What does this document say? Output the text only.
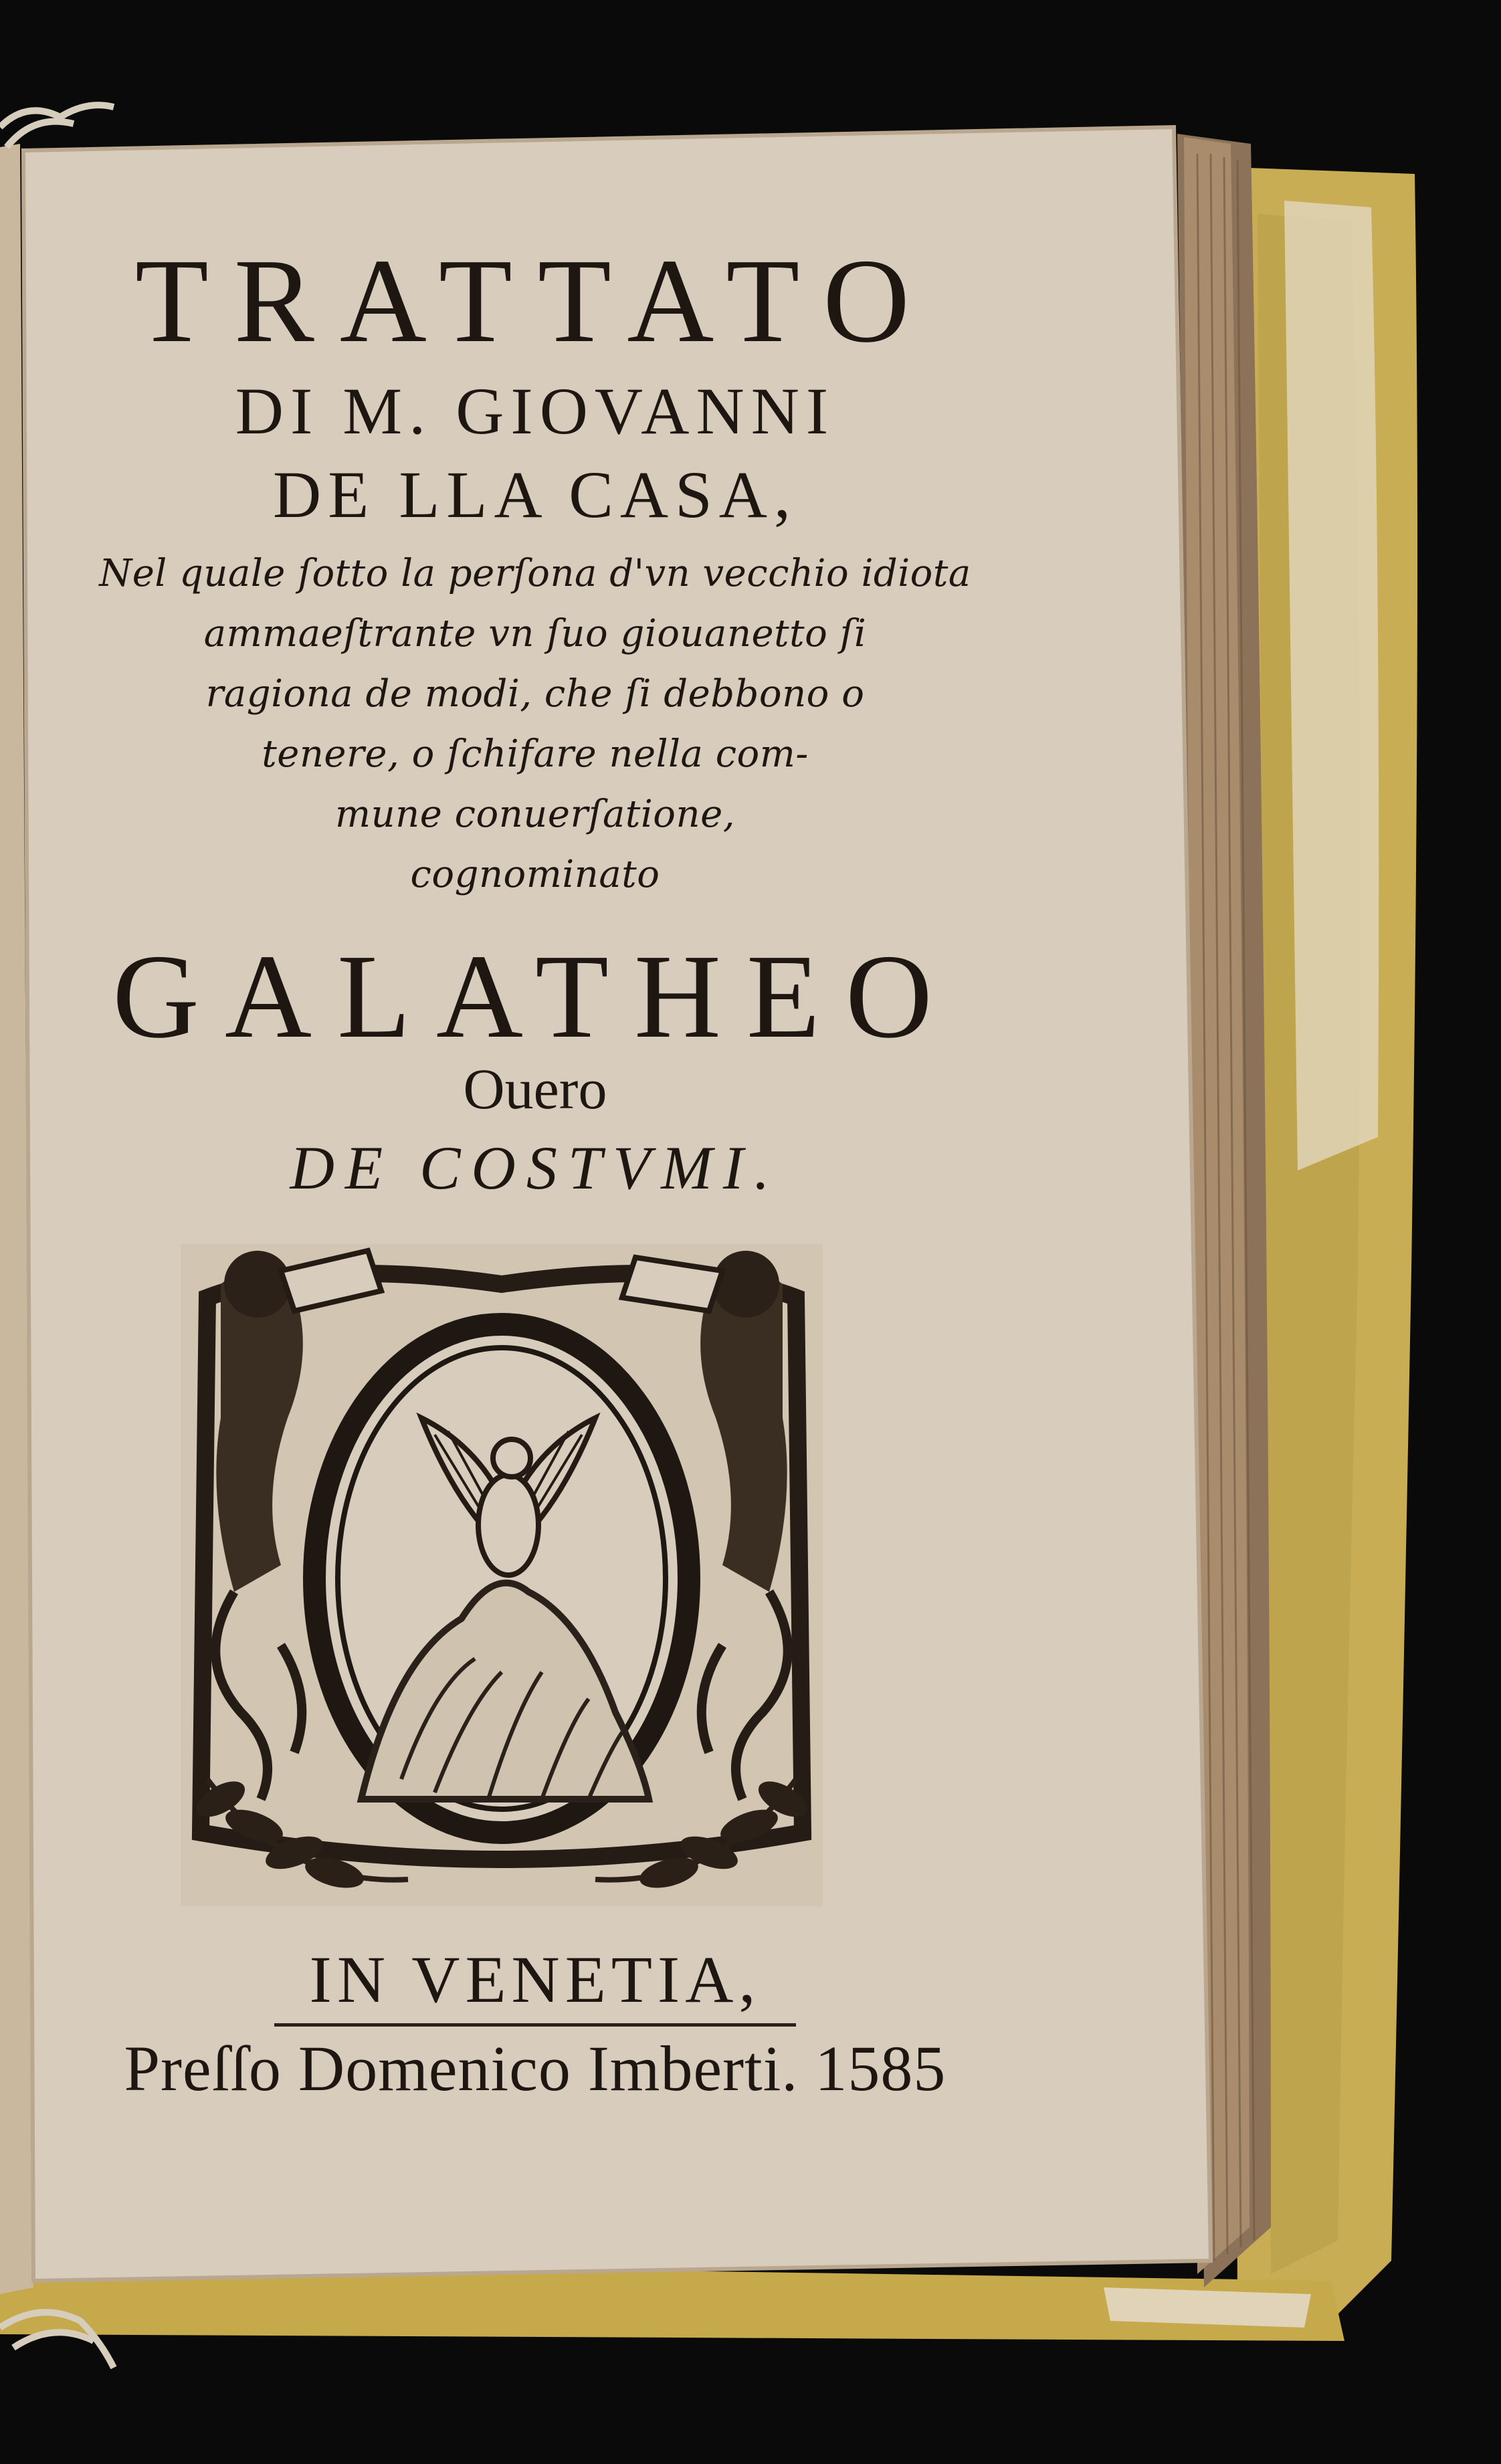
TRATTATO
DI M. GIOVANNI
DE LLA CASA,
Nel quale ſotto la perſona d'vn vecchio idiota
ammaeſtrante vn ſuo giouanetto ſi
ragiona de modi, che ſi debbono o
tenere, o ſchifare nella com-
mune conuerſatione,
cognominato
GALATHEO
Ouero
DE COSTVMI.
IN VENETIA,
Preſſo Domenico Imberti. 1585
